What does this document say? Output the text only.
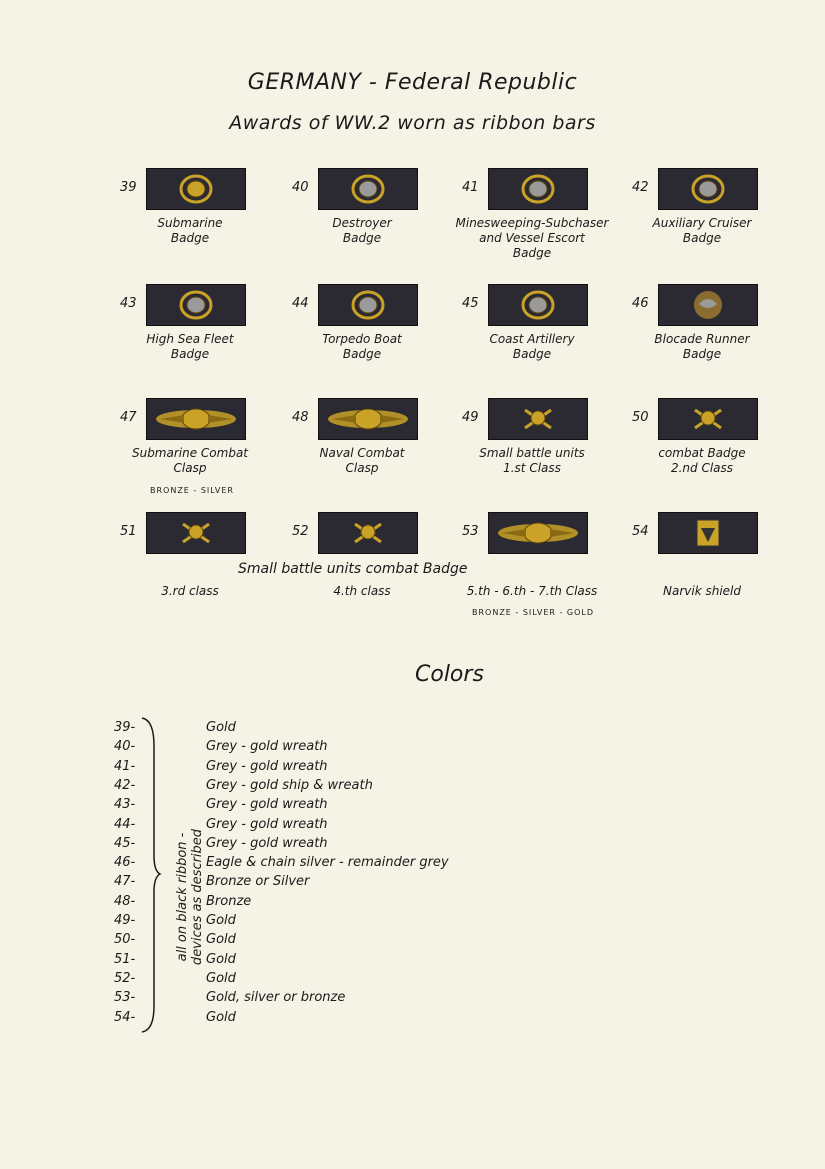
GERMANY - Federal Republic
Awards of WW.2 worn as ribbon bars
39
Submarine
Badge
40
Destroyer
Badge
41
Minesweeping-Subchaser
and Vessel Escort
Badge
42
Auxiliary Cruiser
Badge
43
High Sea Fleet
Badge
44
Torpedo Boat
Badge
45
Coast Artillery
Badge
46
Blocade Runner
Badge
47
Submarine Combat
Clasp
BRONZE - SILVER
48
Naval Combat
Clasp
49
Small battle units
1.st Class
50
combat Badge
2.nd Class
51
3.rd class
52
4.th class
53
5.th - 6.th - 7.th Class
BRONZE - SILVER - GOLD
54
Narvik shield
Small battle units combat Badge
Colors
all on black ribbon - devices as described
39-	Gold
40-	Grey - gold wreath
41-	Grey - gold wreath
42-	Grey - gold ship & wreath
43-	Grey - gold wreath
44-	Grey - gold wreath
45-	Grey - gold wreath
46-	Eagle & chain silver - remainder grey
47-	Bronze or Silver
48-	Bronze
49-	Gold
50-	Gold
51-	Gold
52-	Gold
53-	Gold, silver or bronze
54-	Gold
